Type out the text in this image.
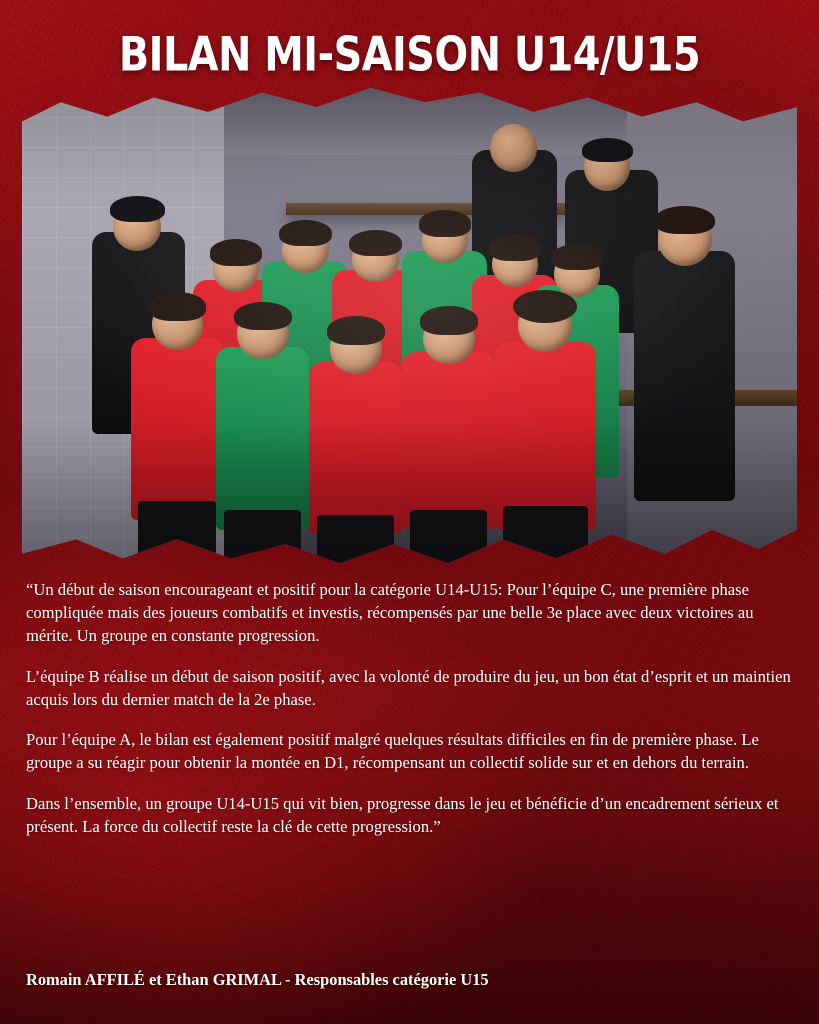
BILAN MI-SAISON U14/U15

“Un début de saison encourageant et positif pour la catégorie U14-U15: Pour l’équipe C, une première phase compliquée mais des joueurs combatifs et investis, récompensés par une belle 3e place avec deux victoires au mérite. Un groupe en constante progression.

L’équipe B réalise un début de saison positif, avec la volonté de produire du jeu, un bon état d’esprit et un maintien acquis lors du dernier match de la 2e phase.

Pour l’équipe A, le bilan est également positif malgré quelques résultats difficiles en fin de première phase. Le groupe a su réagir pour obtenir la montée en D1, récompensant un collectif solide sur et en dehors du terrain.

Dans l’ensemble, un groupe U14-U15 qui vit bien, progresse dans le jeu et bénéficie d’un encadrement sérieux et présent. La force du collectif reste la clé de cette progression.”

Romain AFFILÉ et Ethan GRIMAL - Responsables catégorie U15
